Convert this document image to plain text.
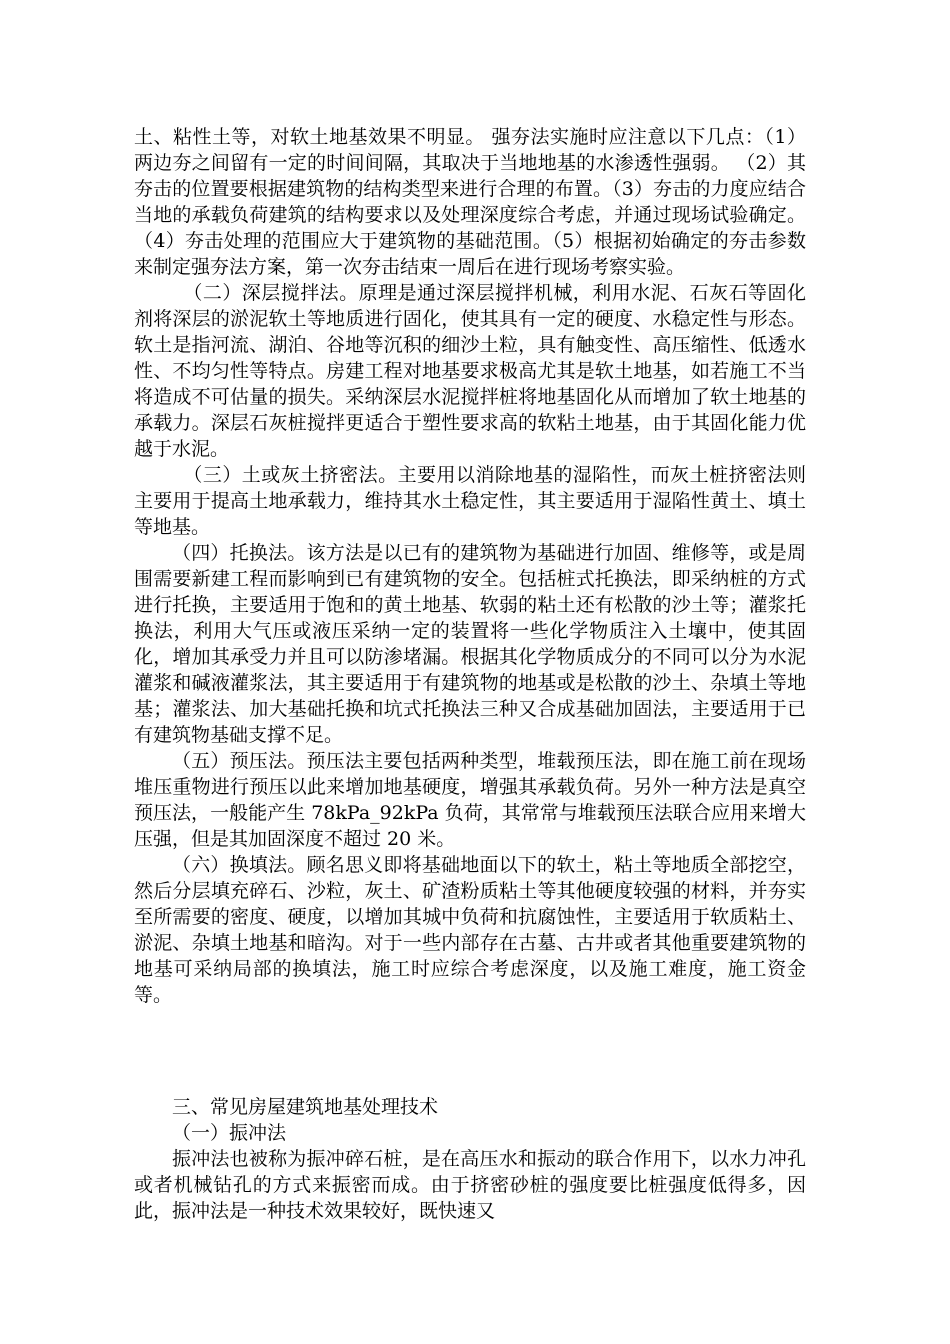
土、粘性土等，对软土地基效果不明显。 强夯法实施时应注意以下几点：（1）两边夯之间留有一定的时间间隔，其取决于当地地基的水渗透性强弱。 （2）其夯击的位置要根据建筑物的结构类型来进行合理的布置。（3）夯击的力度应结合当地的承载负荷建筑的结构要求以及处理深度综合考虑，并通过现场试验确定。（4）夯击处理的范围应大于建筑物的基础范围。（5）根据初始确定的夯击参数来制定强夯法方案，第一次夯击结束一周后在进行现场考察实验。

（二）深层搅拌法。原理是通过深层搅拌机械，利用水泥、石灰石等固化剂将深层的淤泥软土等地质进行固化，使其具有一定的硬度、水稳定性与形态。软土是指河流、湖泊、谷地等沉积的细沙土粒，具有触变性、高压缩性、低透水性、不均匀性等特点。房建工程对地基要求极高尤其是软土地基，如若施工不当将造成不可估量的损失。采纳深层水泥搅拌桩将地基固化从而增加了软土地基的承载力。深层石灰桩搅拌更适合于塑性要求高的软粘土地基，由于其固化能力优越于水泥。

（三）土或灰土挤密法。主要用以消除地基的湿陷性，而灰土桩挤密法则主要用于提高土地承载力，维持其水土稳定性，其主要适用于湿陷性黄土、填土等地基。

（四）托换法。该方法是以已有的建筑物为基础进行加固、维修等，或是周围需要新建工程而影响到已有建筑物的安全。包括桩式托换法，即采纳桩的方式进行托换，主要适用于饱和的黄土地基、软弱的粘土还有松散的沙土等；灌浆托换法，利用大气压或液压采纳一定的装置将一些化学物质注入土壤中，使其固化，增加其承受力并且可以防渗堵漏。根据其化学物质成分的不同可以分为水泥灌浆和碱液灌浆法，其主要适用于有建筑物的地基或是松散的沙土、杂填土等地基；灌浆法、加大基础托换和坑式托换法三种又合成基础加固法，主要适用于已有建筑物基础支撑不足。

（五）预压法。预压法主要包括两种类型，堆载预压法，即在施工前在现场堆压重物进行预压以此来增加地基硬度，增强其承载负荷。另外一种方法是真空预压法，一般能产生 78kPa_92kPa 负荷，其常常与堆载预压法联合应用来增大压强，但是其加固深度不超过 20 米。

（六）换填法。顾名思义即将基础地面以下的软土，粘土等地质全部挖空，然后分层填充碎石、沙粒，灰土、矿渣粉质粘土等其他硬度较强的材料，并夯实至所需要的密度、硬度，以增加其城中负荷和抗腐蚀性，主要适用于软质粘土、淤泥、杂填土地基和暗沟。对于一些内部存在古墓、古井或者其他重要建筑物的地基可采纳局部的换填法，施工时应综合考虑深度，以及施工难度，施工资金等。

三、常见房屋建筑地基处理技术

（一）振冲法

振冲法也被称为振冲碎石桩，是在高压水和振动的联合作用下，以水力冲孔或者机械钻孔的方式来振密而成。由于挤密砂桩的强度要比桩强度低得多，因此，振冲法是一种技术效果较好，既快速又
